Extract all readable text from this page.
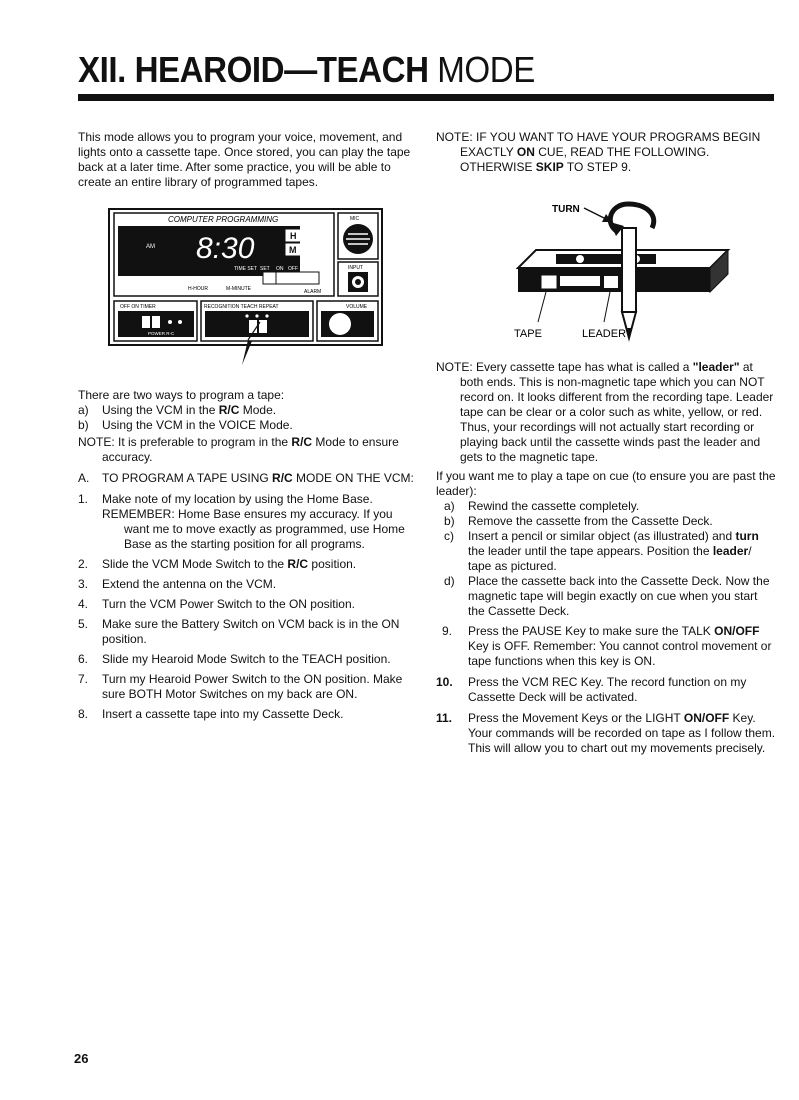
XII. HEAROID—TEACH MODE

This mode allows you to program your voice, movement, and lights onto a cassette tape. Once stored, you can play the tape back at a later time. After some practice, you will be able to create an entire library of programmed tapes.

COMPUTER PROGRAMMING
AM 8:30	H
M
TIME SET SET ON OFF
H-HOUR	M-MINUTE	ALARM
MIC
INPUT
OFF ON TIMER
POWER R-C
RECOGNITION TEACH REPEAT	VOLUME

There are two ways to program a tape:

a) Using the VCM in the R/C Mode.

b) Using the VCM in the VOICE Mode.

NOTE: It is preferable to program in the R/C Mode to ensure accuracy.

A. TO PROGRAM A TAPE USING R/C MODE ON THE VCM:

1. Make note of my location by using the Home Base.

REMEMBER: Home Base ensures my accuracy. If you want me to move exactly as programmed, use Home Base as the starting position for all programs.

2. Slide the VCM Mode Switch to the R/C position.

3. Extend the antenna on the VCM.

4. Turn the VCM Power Switch to the ON position.

5. Make sure the Battery Switch on VCM back is in the ON position.

6. Slide my Hearoid Mode Switch to the TEACH position.

7. Turn my Hearoid Power Switch to the ON position. Make sure BOTH Motor Switches on my back are ON.

8. Insert a cassette tape into my Cassette Deck.

NOTE: IF YOU WANT TO HAVE YOUR PROGRAMS BEGIN EXACTLY ON CUE, READ THE FOLLOWING. OTHERWISE SKIP TO STEP 9.

TURN
TAPE	LEADER

NOTE: Every cassette tape has what is called a "leader" at both ends. This is non-magnetic tape which you can NOT record on. It looks different from the recording tape. Leader tape can be clear or a color such as white, yellow, or red. Thus, your recordings will not actually start recording or playing back until the cassette winds past the leader and gets to the magnetic tape.

If you want me to play a tape on cue (to ensure you are past the leader):

a) Rewind the cassette completely.

b) Remove the cassette from the Cassette Deck.

c) Insert a pencil or similar object (as illustrated) and turn the leader until the tape appears. Position the leader/ tape as pictured.

d) Place the cassette back into the Cassette Deck. Now the magnetic tape will begin exactly on cue when you start the Cassette Deck.

9. Press the PAUSE Key to make sure the TALK ON/OFF Key is OFF. Remember: You cannot control movement or tape functions when this key is ON.

10. Press the VCM REC Key. The record function on my Cassette Deck will be activated.

11. Press the Movement Keys or the LIGHT ON/OFF Key. Your commands will be recorded on tape as I follow them. This will allow you to chart out my movements precisely.

26
